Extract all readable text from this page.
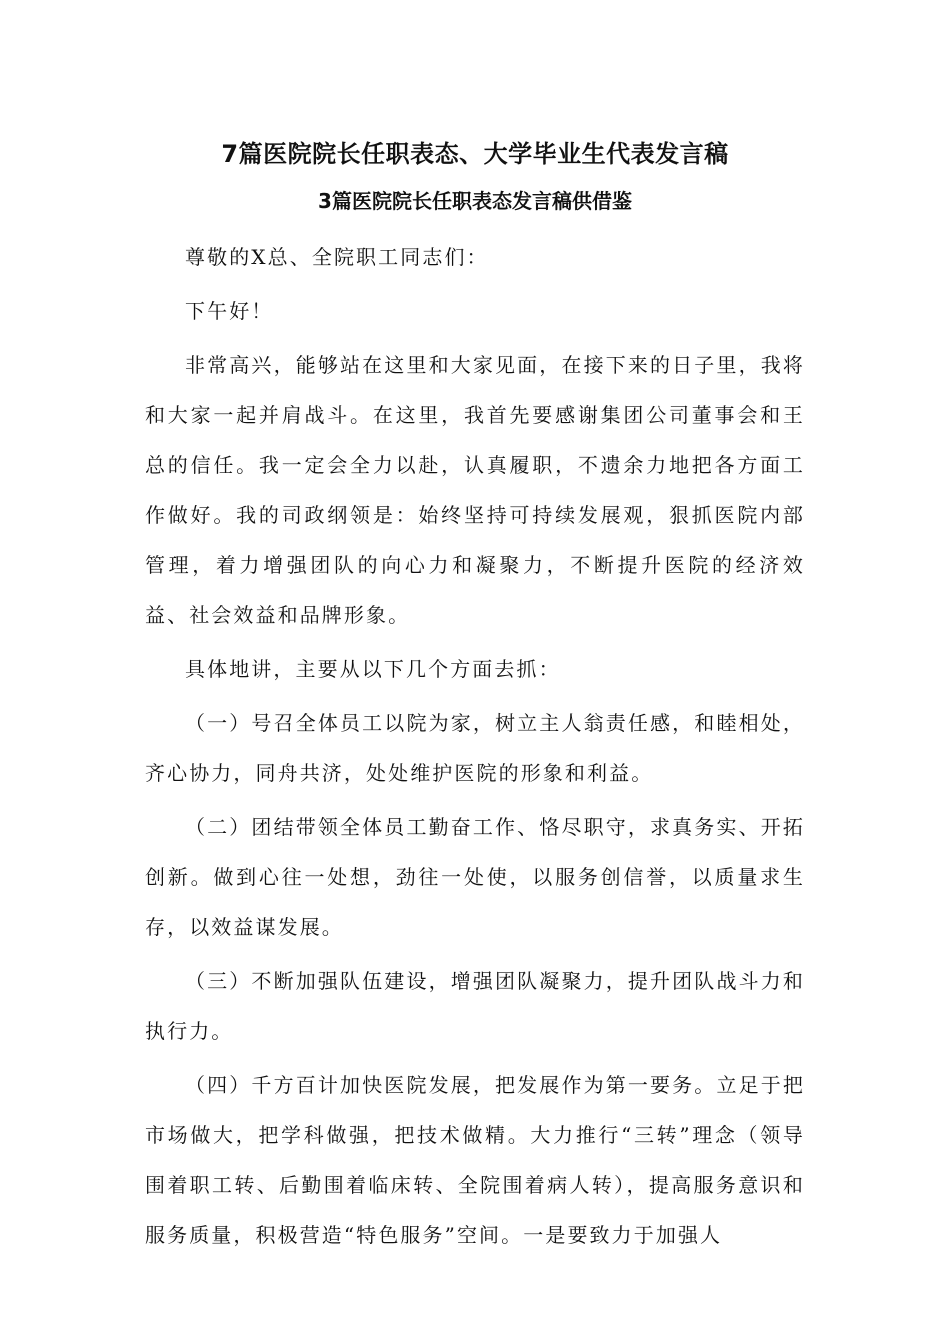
7篇医院院长任职表态、大学毕业生代表发言稿
3篇医院院长任职表态发言稿供借鉴

尊敬的X总、全院职工同志们：

下午好！

非常高兴，能够站在这里和大家见面，在接下来的日子里，我将和大家一起并肩战斗。在这里，我首先要感谢集团公司董事会和王总的信任。我一定会全力以赴，认真履职，不遗余力地把各方面工作做好。我的司政纲领是：始终坚持可持续发展观，狠抓医院内部管理，着力增强团队的向心力和凝聚力，不断提升医院的经济效益、社会效益和品牌形象。

具体地讲，主要从以下几个方面去抓：

（一）号召全体员工以院为家，树立主人翁责任感，和睦相处，齐心协力，同舟共济，处处维护医院的形象和利益。

（二）团结带领全体员工勤奋工作、恪尽职守，求真务实、开拓创新。做到心往一处想，劲往一处使，以服务创信誉，以质量求生存，以效益谋发展。

（三）不断加强队伍建设，增强团队凝聚力，提升团队战斗力和执行力。

（四）千方百计加快医院发展，把发展作为第一要务。立足于把市场做大，把学科做强，把技术做精。大力推行“三转”理念（领导围着职工转、后勤围着临床转、全院围着病人转），提高服务意识和服务质量，积极营造“特色服务”空间。一是要致力于加强人
